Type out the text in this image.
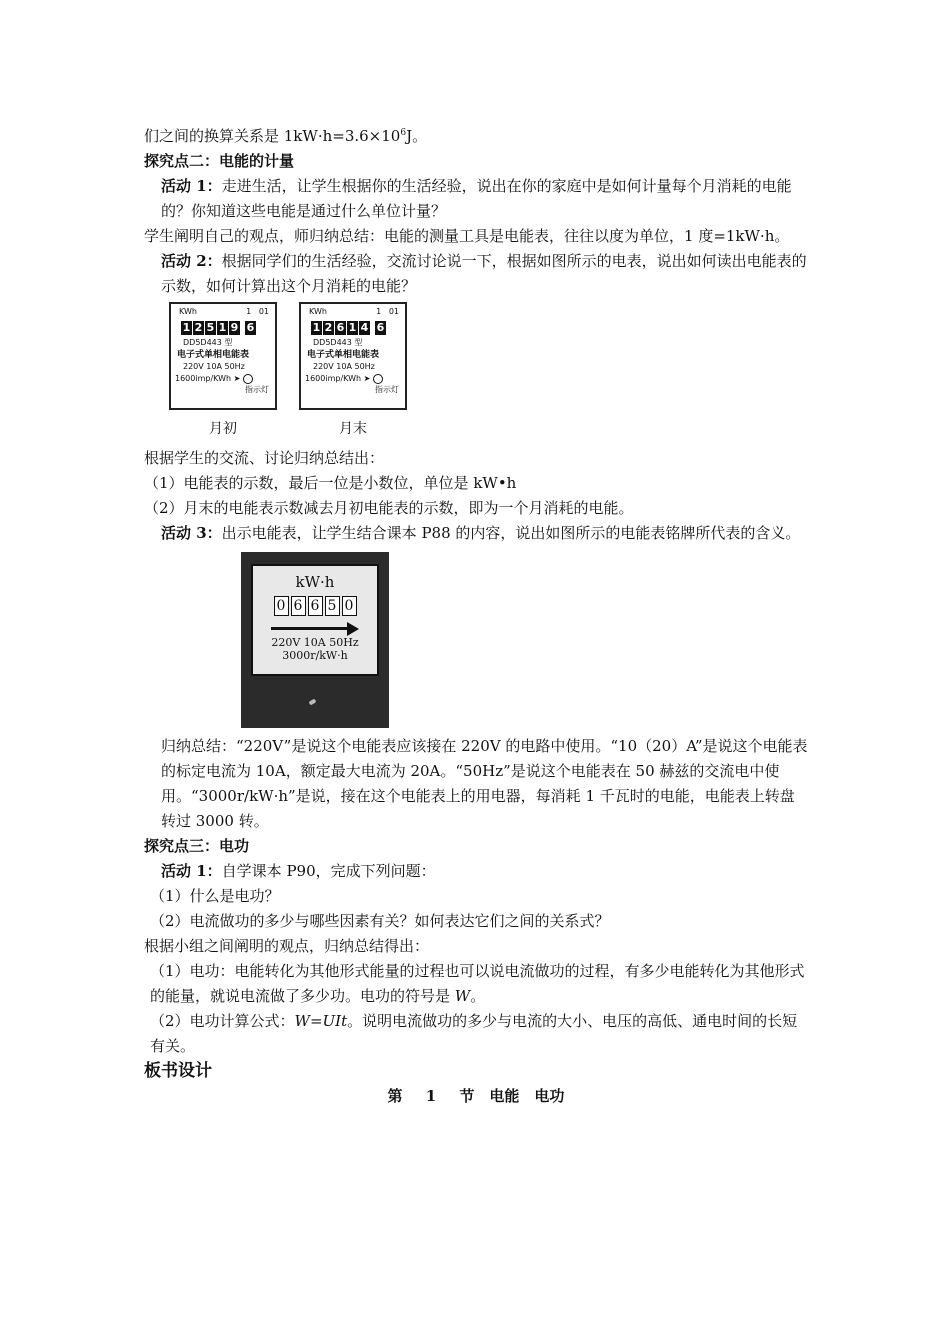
们之间的换算关系是 $1kW\cdot h=3.6\times 10^6J$。

探究点二：电能的计量

活动 1：走进生活，让学生根据你的生活经验，说出在你的家庭中是如何计量每个月消耗的电能的？你知道这些电能是通过什么单位计量？

学生阐明自己的观点，师归纳总结：电能的测量工具是电能表，往往以度为单位，1 度=1kW·h。

活动 2：根据同学们的生活经验，交流讨论说一下，根据如图所示的电表，说出如何读出电能表的示数，如何计算出这个月消耗的电能？

KWh	1 01
1 2 5 1 9 6
DD5D443 型
电子式单相电能表
220V 10A 50Hz
1600imp/KWh
➤
指示灯
月初
KWh	1 01
1 2 6 1 4 6
DD5D443 型
电子式单相电能表
220V 10A 50Hz
1600imp/KWh
➤
指示灯
月末

根据学生的交流、讨论归纳总结出：

（1）电能表的示数，最后一位是小数位，单位是 kW•h

（2）月末的电能表示数减去月初电能表的示数，即为一个月消耗的电能。

活动 3：出示电能表，让学生结合课本 P88 的内容，说出如图所示的电能表铭牌所代表的含义。

kW·h
0 6 6 5 0
220V 10A 50Hz
3000r/kW·h

归纳总结：“220V”是说这个电能表应该接在 220V 的电路中使用。“10（20）A”是说这个电能表的标定电流为 10A，额定最大电流为 20A。“50Hz”是说这个电能表在 50 赫兹的交流电中使用。“3000r/kW·h”是说，接在这个电能表上的用电器，每消耗 1 千瓦时的电能，电能表上转盘转过 3000 转。

探究点三：电功

活动 1：自学课本 P90，完成下列问题：

（1）什么是电功？

（2）电流做功的多少与哪些因素有关？如何表达它们之间的关系式？

根据小组之间阐明的观点，归纳总结得出：

（1）电功：电能转化为其他形式能量的过程也可以说电流做功的过程，有多少电能转化为其他形式的能量，就说电流做了多少功。电功的符号是 W。

（2）电功计算公式：W=UIt。说明电流做功的多少与电流的大小、电压的高低、通电时间的长短有关。

板书设计

第 1 节　电能　电功
